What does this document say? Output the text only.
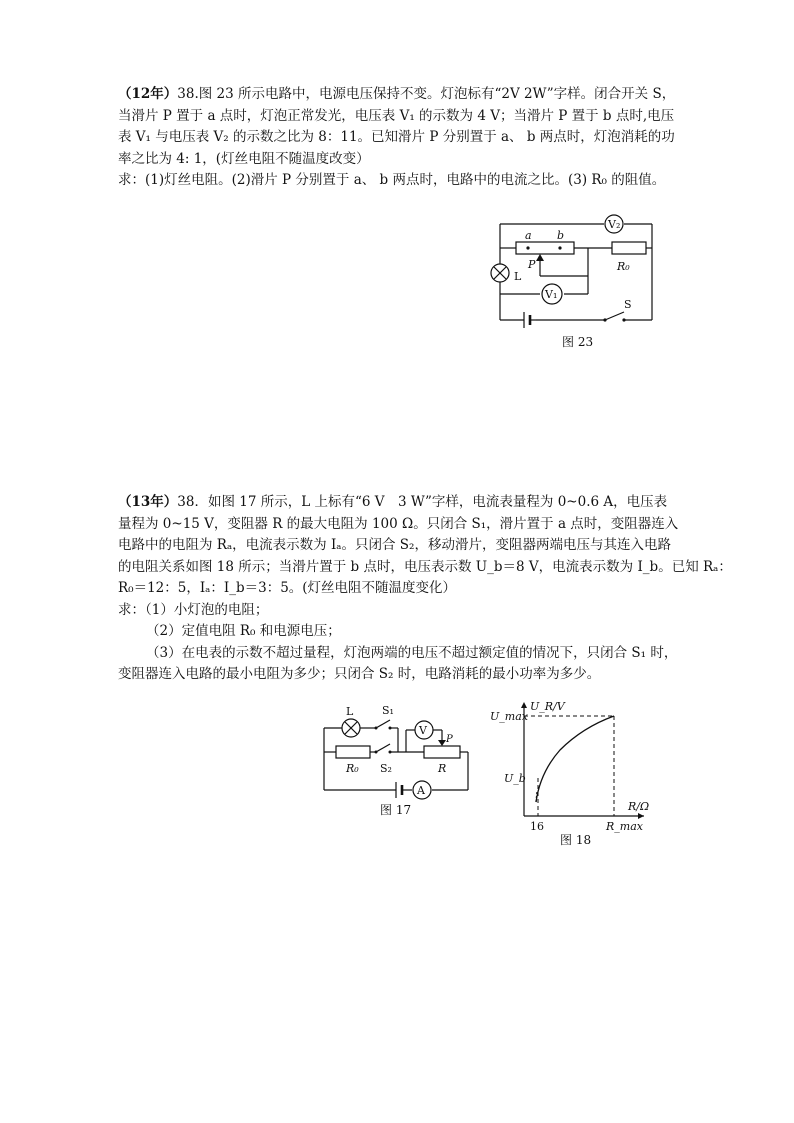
（12年）38.图 23 所示电路中，电源电压保持不变。灯泡标有“2V 2W”字样。闭合开关 S，

当滑片 P 置于 a 点时，灯泡正常发光，电压表 V₁ 的示数为 4 V；当滑片 P 置于 b 点时,电压

表 V₁ 与电压表 V₂ 的示数之比为 8：11。已知滑片 P 分别置于 a、 b 两点时，灯泡消耗的功

率之比为 4: 1，(灯丝电阻不随温度改变）

求：(1)灯丝电阻。(2)滑片 P 分别置于 a、 b 两点时，电路中的电流之比。(3) R₀ 的阻值。

V₂
V₁
a b
P	R₀
L
S
图 23

（13年）38．如图 17 所示，L 上标有“6 V　3 W”字样，电流表量程为 0~0.6 A，电压表

量程为 0~15 V，变阻器 R 的最大电阻为 100 Ω。只闭合 S₁，滑片置于 a 点时，变阻器连入

电路中的电阻为 Rₐ，电流表示数为 Iₐ。只闭合 S₂，移动滑片，变阻器两端电压与其连入电路

的电阻关系如图 18 所示；当滑片置于 b 点时，电压表示数 U_b＝8 V，电流表示数为 I_b。已知 Rₐ：

R₀＝12：5，Iₐ：I_b＝3：5。(灯丝电阻不随温度变化）

求：（1）小灯泡的电阻；

（2）定值电阻 R₀ 和电源电压；

（3）在电表的示数不超过量程，灯泡两端的电压不超过额定值的情况下，只闭合 S₁ 时，

变阻器连入电路的最小电阻为多少；只闭合 S₂ 时，电路消耗的最小功率为多少。

V
A
L	S₁
S₂
P
R₀	R
图 17
U_R/V
U_max
U_b
R/Ω
16	R_max
图 18
